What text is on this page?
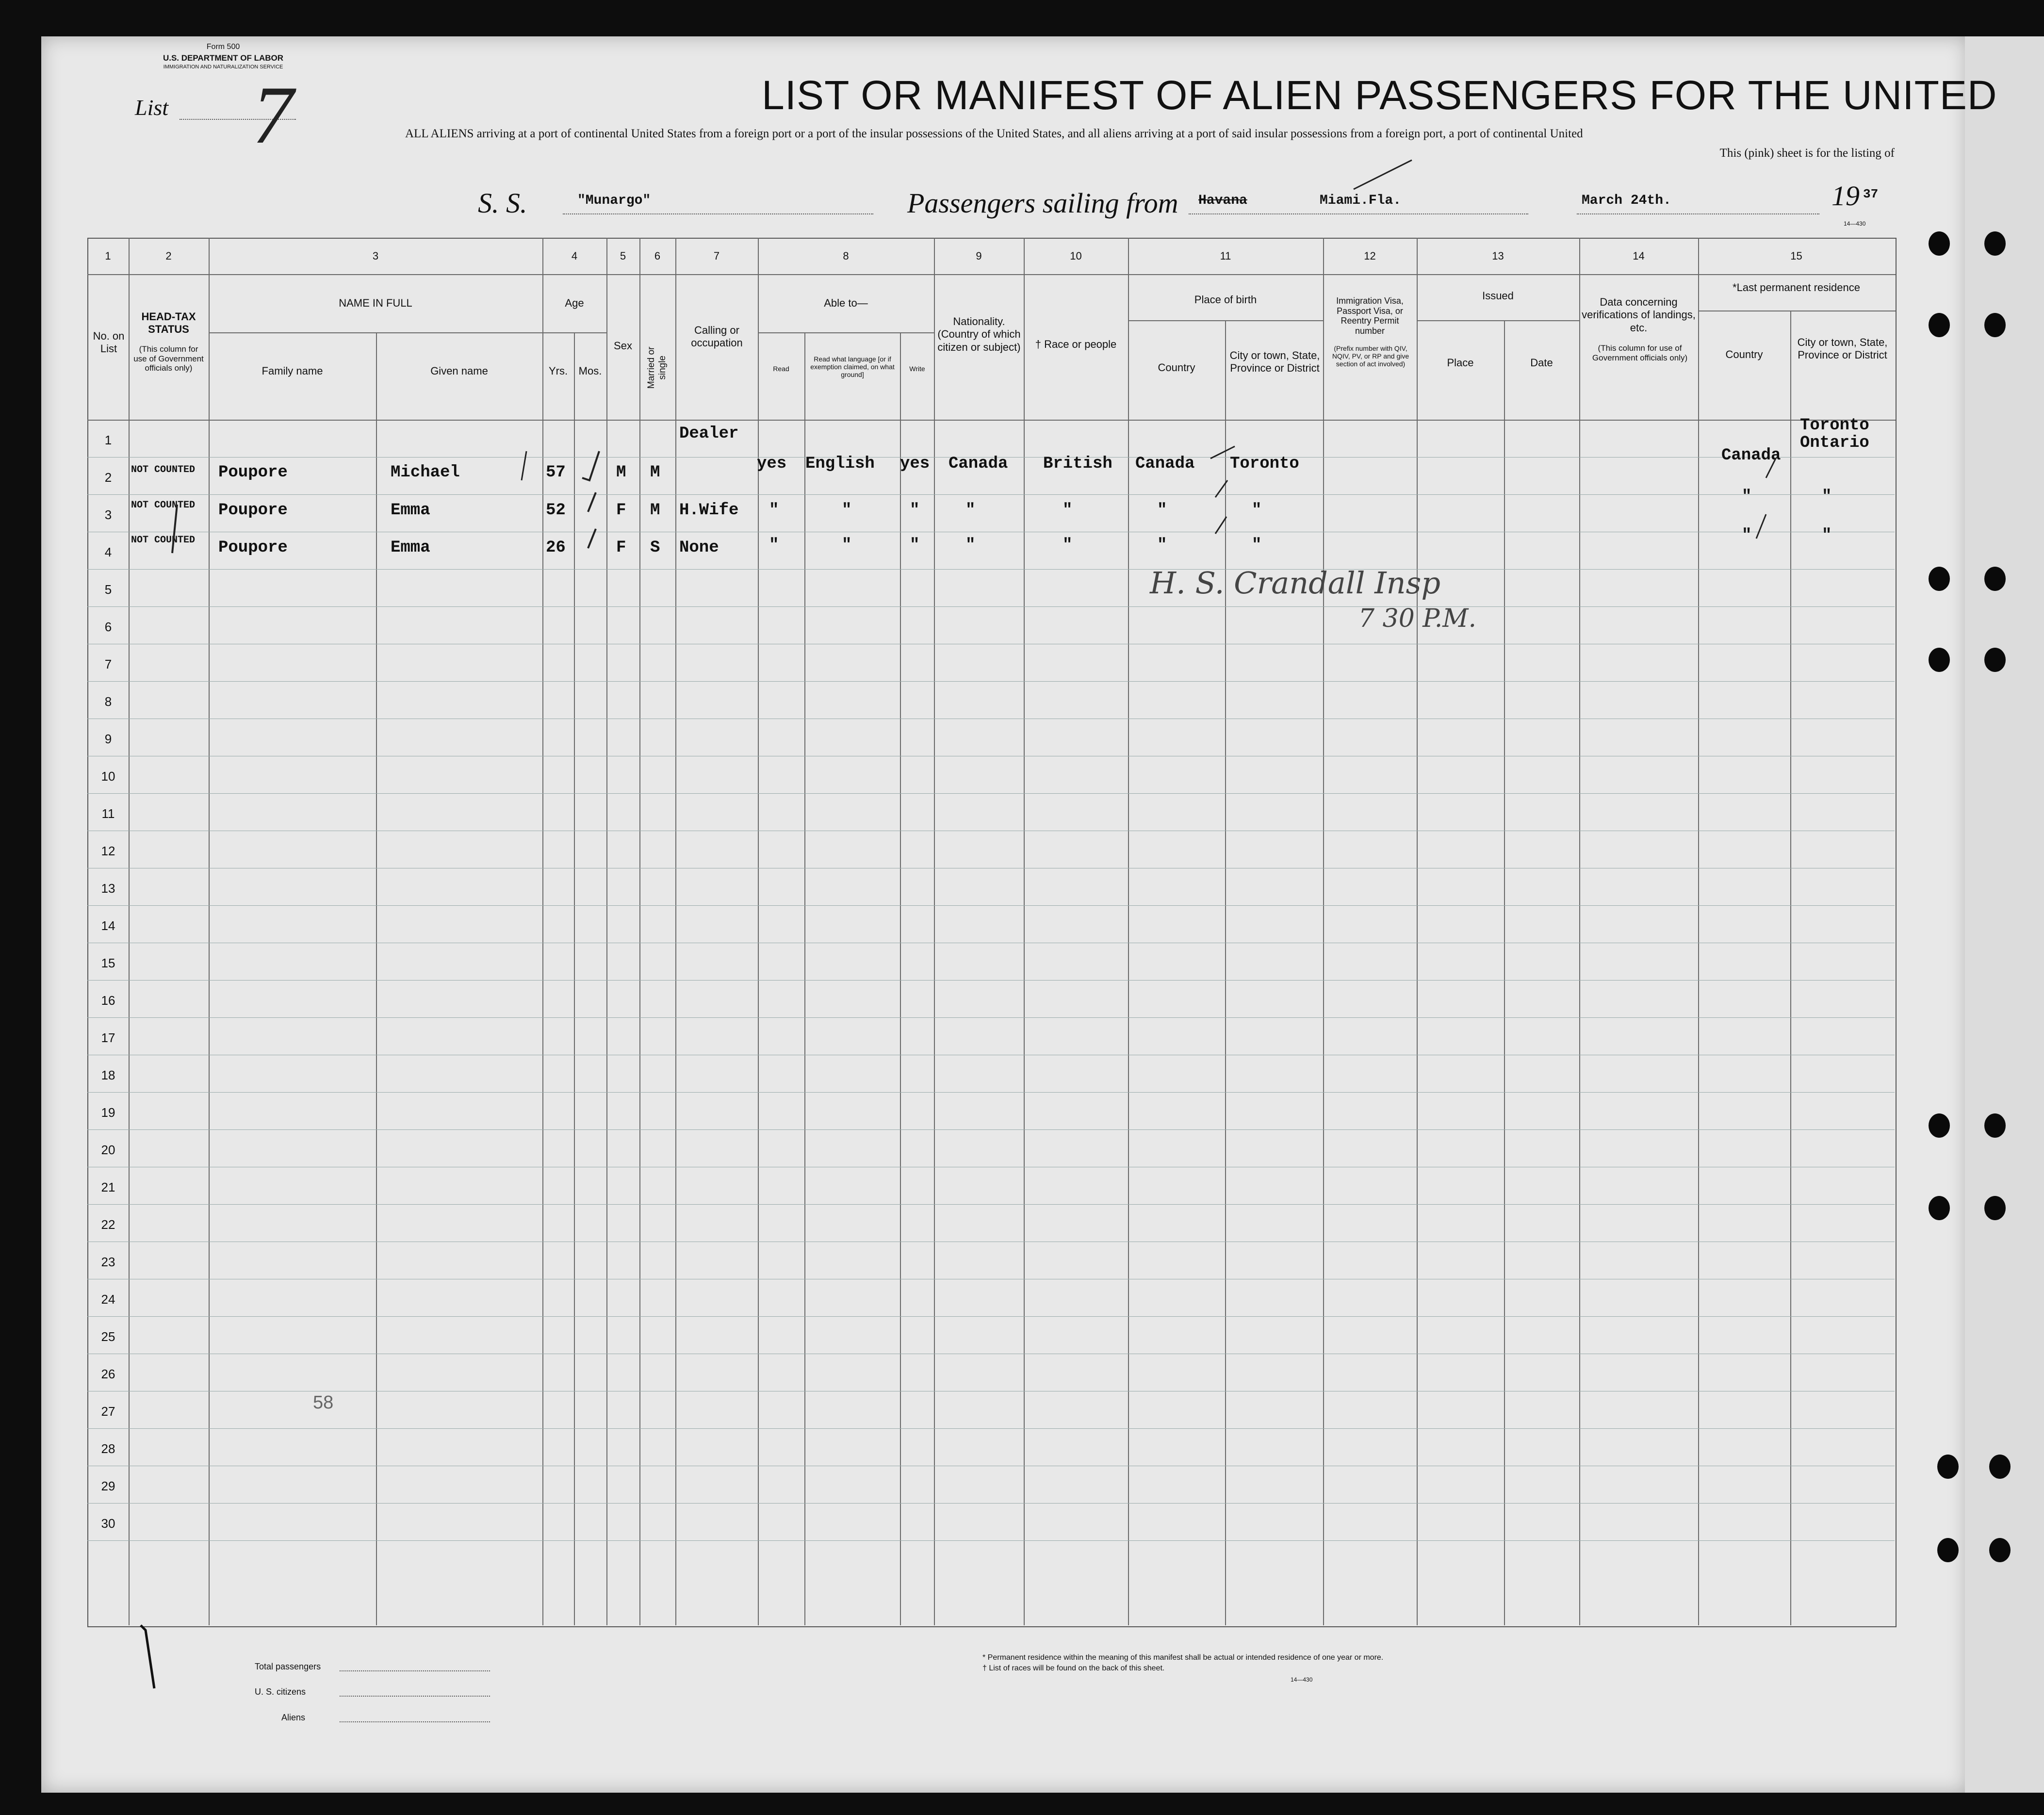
Form 500
U.S. DEPARTMENT OF LABOR
IMMIGRATION AND NATURALIZATION SERVICE
List 7	LIST OR MANIFEST OF ALIEN PASSENGERS FOR THE UNITED
ALL ALIENS arriving at a port of continental United States from a foreign port or a port of the insular possessions of the United States, and all aliens arriving at a port of said insular possessions from a foreign port, a port of continental United
This (pink) sheet is for the listing of
S. S.	"Munargo"	Passengers sailing from Havana	Miami.Fla.	March 24th.	19 37
14—430
1	2	3	4	5	6	7	8	9	10	11	12	13	14	15
No. on List
HEAD-TAX STATUS
(This column for use of Government officials only)
NAME IN FULL
Family name	Given name
Age
Yrs.	Mos.
Sex
Married or single
Calling or occupation
Able to—
Read
Read what language [or if exemption claimed, on what ground]
Write
Nationality. (Country of which citizen or subject)	† Race or people
Place of birth
Country
City or town, State, Province or District
Immigration Visa, Passport Visa, or Reentry Permit number
(Prefix number with QIV, NQIV, PV, or RP and give section of act involved)
Issued
Place	Date
Data concerning verifications of landings, etc.
(This column for use of Government officials only)
*Last permanent residence
Country
City or town, State, Province or District
1
2
3
4
5
6
7
8
9
10
11
12
13
14
15
16
17
18
19
20
21
22
23
24
25
26
27
28
29
30
NOT COUNTED Poupore	Michael	57	M M
Dealer
yes English yes Canada British Canada Toronto	Canada
Toronto Ontario
NOT COUNTED Poupore	Emma	52	F M H.Wife "	"	"	"	"	"	"
"	"
NOT COUNTED Poupore	Emma	26	F S None	"	"	"	"	"	"	"
"	"
H. S. Crandall Insp
7 30 P.M.
58
Total passengers
U. S. citizens
Aliens
* Permanent residence within the meaning of this manifest shall be actual or intended residence of one year or more.
† List of races will be found on the back of this sheet.
14—430
